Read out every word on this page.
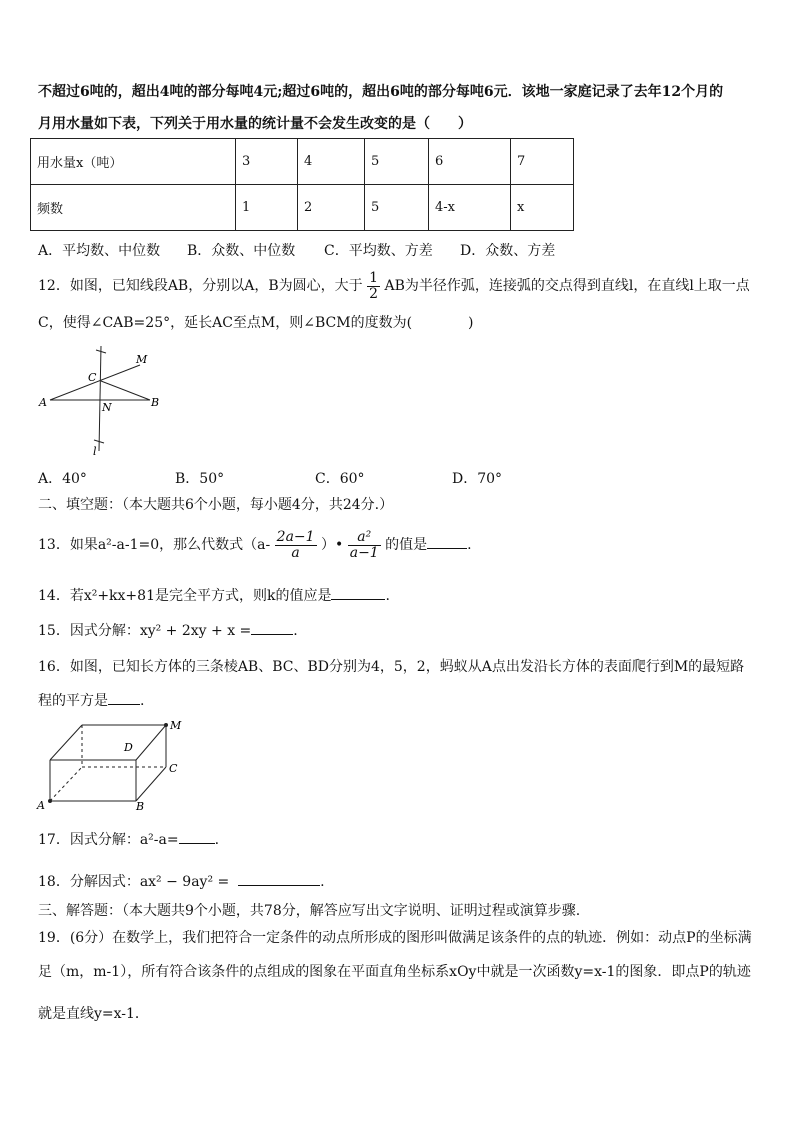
不超过6吨的，超出4吨的部分每吨4元;超过6吨的，超出6吨的部分每吨6元．该地一家庭记录了去年12个月的
月用水量如下表，下列关于用水量的统计量不会发生改变的是（　　）
用水量x（吨）	3	4	5	6	7
频数	1	2	5	4-x	x
A．平均数、中位数 B．众数、中位数 C．平均数、方差 D．众数、方差
12．如图，已知线段AB，分别以A，B为圆心，大于 $\frac{1}{2}$ AB为半径作弧，连接弧的交点得到直线l，在直线l上取一点
C，使得∠CAB=25°，延长AC至点M，则∠BCM的度数为(　　　　)
M
C
A	N	B
l
A．40°	B．50°	C．60°	D．70°
二、填空题：（本大题共6个小题，每小题4分，共24分.）
13．如果a²-a-1=0，那么代数式（$a- \frac{2a-1}{a}$ ）• $\frac{\text{a²}}{a-1}$ 的值是	.
14．若x²+kx+81是完全平方式，则k的值应是	.
15．因式分解：xy² + 2xy + x =	.
16．如图，已知长方体的三条棱AB、BC、BD分别为4，5，2，蚂蚁从A点出发沿长方体的表面爬行到M的最短路
程的平方是 .
M
D
C
A	B
17．因式分解：a²-a=	.
18．分解因式：ax² − 9ay² =	.
三、解答题：（本大题共9个小题，共78分，解答应写出文字说明、证明过程或演算步骤.
19．(6分）在数学上，我们把符合一定条件的动点所形成的图形叫做满足该条件的点的轨迹．例如：动点P的坐标满
足（m，m-1），所有符合该条件的点组成的图象在平面直角坐标系xOy中就是一次函数y=x-1的图象．即点P的轨迹
就是直线y=x-1．
